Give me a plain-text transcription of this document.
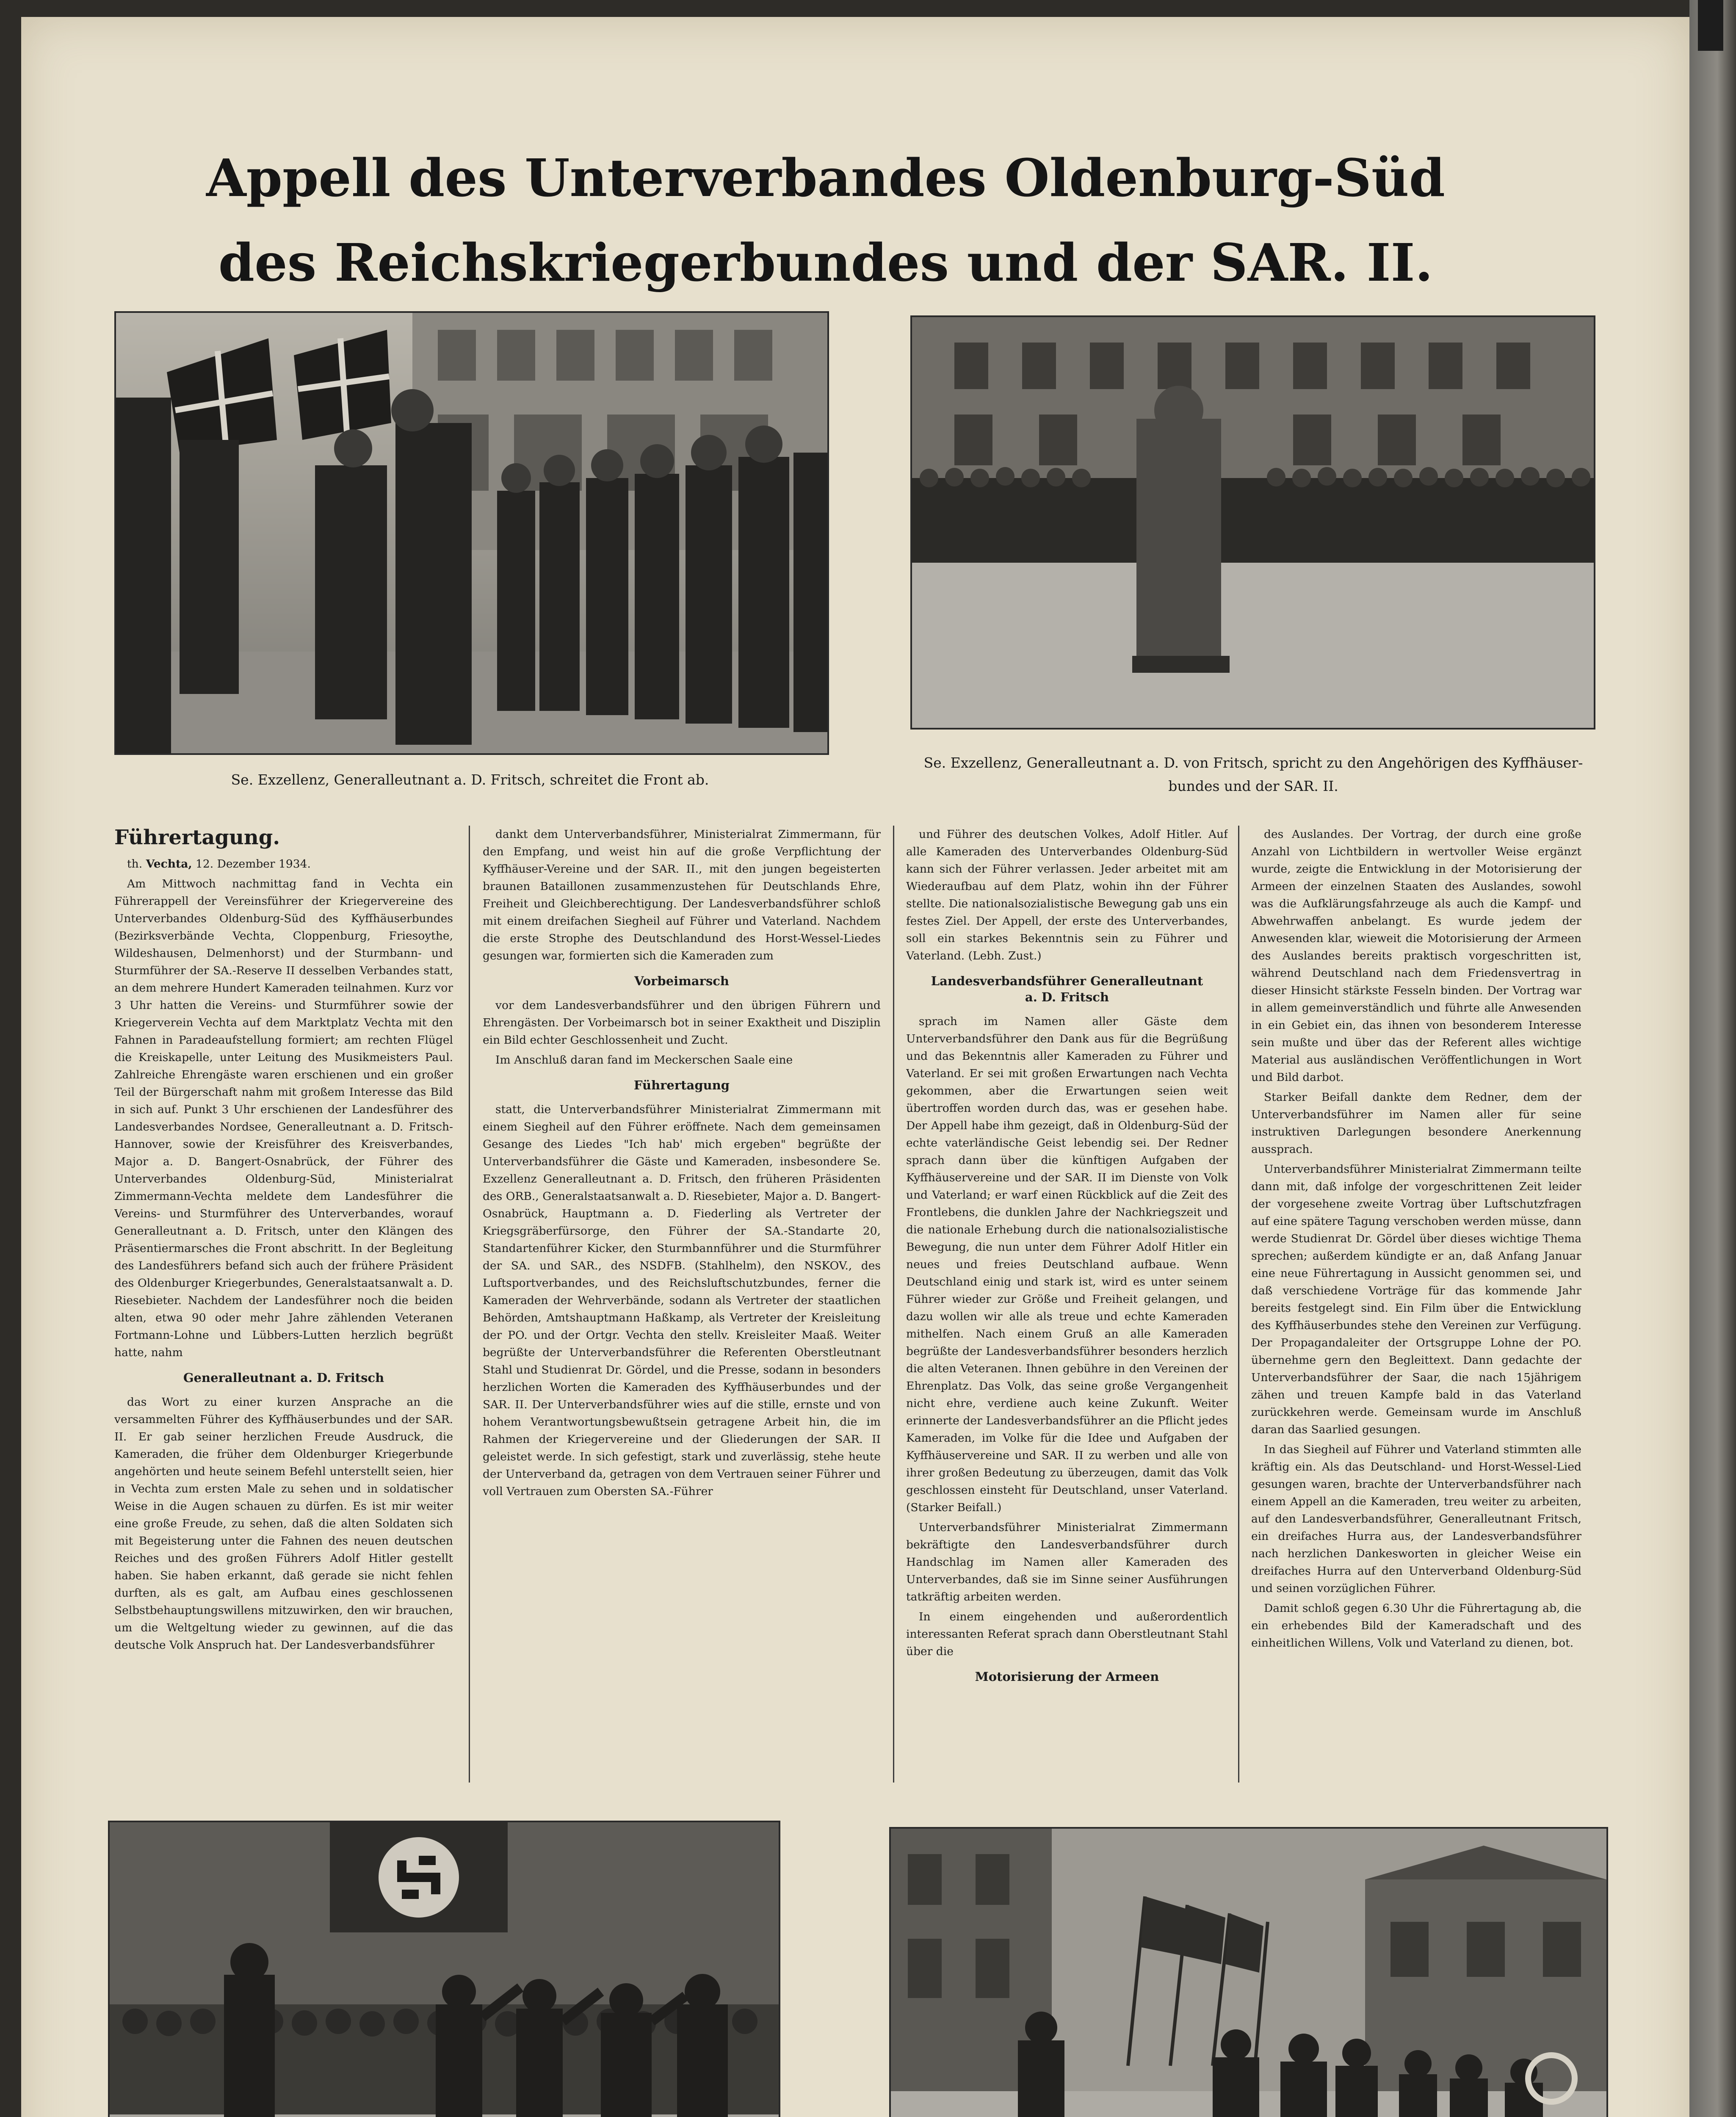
Appell des Unterverbandes Oldenburg-Süd
des Reichskriegerbundes und der SAR. II.

Se. Exzellenz, Generalleutnant a. D. Fritsch, schreitet die Front ab.

Se. Exzellenz, Generalleutnant a. D. von Fritsch, spricht zu den Angehörigen des Kyffhäuser-

bundes und der SAR. II.

Führertagung.

th. Vechta, 12. Dezember 1934.

Am Mittwoch nachmittag fand in Vechta ein Führerappell der Vereinsführer der Kriegervereine des Unterverbandes Oldenburg-Süd des Kyffhäuserbundes (Bezirksverbände Vechta, Cloppenburg, Friesoythe, Wildeshausen, Delmenhorst) und der Sturmbann- und Sturmführer der SA.-Reserve II desselben Verbandes statt, an dem mehrere Hundert Kameraden teilnahmen. Kurz vor 3 Uhr hatten die Vereins- und Sturmführer sowie der Kriegerverein Vechta auf dem Marktplatz Vechta mit den Fahnen in Paradeaufstellung formiert; am rechten Flügel die Kreiskapelle, unter Leitung des Musikmeisters Paul. Zahlreiche Ehrengäste waren erschienen und ein großer Teil der Bürgerschaft nahm mit großem Interesse das Bild in sich auf. Punkt 3 Uhr erschienen der Landesführer des Landesverbandes Nordsee, Generalleutnant a. D. Fritsch-Hannover, sowie der Kreisführer des Kreisverbandes, Major a. D. Bangert-Osnabrück, der Führer des Unterverbandes Oldenburg-Süd, Ministerialrat Zimmermann-Vechta meldete dem Landesführer die Vereins- und Sturmführer des Unterverbandes, worauf Generalleutnant a. D. Fritsch, unter den Klängen des Präsentiermarsches die Front abschritt. In der Begleitung des Landesführers befand sich auch der frühere Präsident des Oldenburger Kriegerbundes, Generalstaatsanwalt a. D. Riesebieter. Nachdem der Landesführer noch die beiden alten, etwa 90 oder mehr Jahre zählenden Veteranen Fortmann-Lohne und Lübbers-Lutten herzlich begrüßt hatte, nahm

Generalleutnant a. D. Fritsch

das Wort zu einer kurzen Ansprache an die versammelten Führer des Kyffhäuserbundes und der SAR. II. Er gab seiner herzlichen Freude Ausdruck, die Kameraden, die früher dem Oldenburger Kriegerbunde angehörten und heute seinem Befehl unterstellt seien, hier in Vechta zum ersten Male zu sehen und in soldatischer Weise in die Augen schauen zu dürfen. Es ist mir weiter eine große Freude, zu sehen, daß die alten Soldaten sich mit Begeisterung unter die Fahnen des neuen deutschen Reiches und des großen Führers Adolf Hitler gestellt haben. Sie haben erkannt, daß gerade sie nicht fehlen durften, als es galt, am Aufbau eines geschlossenen Selbstbehauptungswillens mitzuwirken, den wir brauchen, um die Weltgeltung wieder zu gewinnen, auf die das deutsche Volk Anspruch hat. Der Landesverbandsführer

dankt dem Unterverbandsführer, Ministerialrat Zimmermann, für den Empfang, und weist hin auf die große Verpflichtung der Kyffhäuser-Vereine und der SAR. II., mit den jungen begeisterten braunen Bataillonen zusammenzustehen für Deutschlands Ehre, Freiheit und Gleichberechtigung. Der Landesverbandsführer schloß mit einem dreifachen Siegheil auf Führer und Vaterland. Nachdem die erste Strophe des Deutschlandund des Horst-Wessel-Liedes gesungen war, formierten sich die Kameraden zum

Vorbeimarsch

vor dem Landesverbandsführer und den übrigen Führern und Ehrengästen. Der Vorbeimarsch bot in seiner Exaktheit und Disziplin ein Bild echter Geschlossenheit und Zucht.

Im Anschluß daran fand im Meckerschen Saale eine

Führertagung

statt, die Unterverbandsführer Ministerialrat Zimmermann mit einem Siegheil auf den Führer eröffnete. Nach dem gemeinsamen Gesange des Liedes "Ich hab' mich ergeben" begrüßte der Unterverbandsführer die Gäste und Kameraden, insbesondere Se. Exzellenz Generalleutnant a. D. Fritsch, den früheren Präsidenten des ORB., Generalstaatsanwalt a. D. Riesebieter, Major a. D. Bangert-Osnabrück, Hauptmann a. D. Fiederling als Vertreter der Kriegsgräberfürsorge, den Führer der SA.-Standarte 20, Standartenführer Kicker, den Sturmbannführer und die Sturmführer der SA. und SAR., des NSDFB. (Stahlhelm), den NSKOV., des Luftsportverbandes, und des Reichsluftschutzbundes, ferner die Kameraden der Wehrverbände, sodann als Vertreter der staatlichen Behörden, Amtshauptmann Haßkamp, als Vertreter der Kreisleitung der PO. und der Ortgr. Vechta den stellv. Kreisleiter Maaß. Weiter begrüßte der Unterverbandsführer die Referenten Oberstleutnant Stahl und Studienrat Dr. Gördel, und die Presse, sodann in besonders herzlichen Worten die Kameraden des Kyffhäuserbundes und der SAR. II. Der Unterverbandsführer wies auf die stille, ernste und von hohem Verantwortungsbewußtsein getragene Arbeit hin, die im Rahmen der Kriegervereine und der Gliederungen der SAR. II geleistet werde. In sich gefestigt, stark und zuverlässig, stehe heute der Unterverband da, getragen von dem Vertrauen seiner Führer und voll Vertrauen zum Obersten SA.-Führer

und Führer des deutschen Volkes, Adolf Hitler. Auf alle Kameraden des Unterverbandes Oldenburg-Süd kann sich der Führer verlassen. Jeder arbeitet mit am Wiederaufbau auf dem Platz, wohin ihn der Führer stellte. Die nationalsozialistische Bewegung gab uns ein festes Ziel. Der Appell, der erste des Unterverbandes, soll ein starkes Bekenntnis sein zu Führer und Vaterland. (Lebh. Zust.)

Landesverbandsführer Generalleutnant
a. D. Fritsch

sprach im Namen aller Gäste dem Unterverbandsführer den Dank aus für die Begrüßung und das Bekenntnis aller Kameraden zu Führer und Vaterland. Er sei mit großen Erwartungen nach Vechta gekommen, aber die Erwartungen seien weit übertroffen worden durch das, was er gesehen habe. Der Appell habe ihm gezeigt, daß in Oldenburg-Süd der echte vaterländische Geist lebendig sei. Der Redner sprach dann über die künftigen Aufgaben der Kyffhäuservereine und der SAR. II im Dienste von Volk und Vaterland; er warf einen Rückblick auf die Zeit des Frontlebens, die dunklen Jahre der Nachkriegszeit und die nationale Erhebung durch die nationalsozialistische Bewegung, die nun unter dem Führer Adolf Hitler ein neues und freies Deutschland aufbaue. Wenn Deutschland einig und stark ist, wird es unter seinem Führer wieder zur Größe und Freiheit gelangen, und dazu wollen wir alle als treue und echte Kameraden mithelfen. Nach einem Gruß an alle Kameraden begrüßte der Landesverbandsführer besonders herzlich die alten Veteranen. Ihnen gebühre in den Vereinen der Ehrenplatz. Das Volk, das seine große Vergangenheit nicht ehre, verdiene auch keine Zukunft. Weiter erinnerte der Landesverbandsführer an die Pflicht jedes Kameraden, im Volke für die Idee und Aufgaben der Kyffhäuservereine und SAR. II zu werben und alle von ihrer großen Bedeutung zu überzeugen, damit das Volk geschlossen einsteht für Deutschland, unser Vaterland. (Starker Beifall.)

Unterverbandsführer Ministerialrat Zimmermann bekräftigte den Landesverbandsführer durch Handschlag im Namen aller Kameraden des Unterverbandes, daß sie im Sinne seiner Ausführungen tatkräftig arbeiten werden.

In einem eingehenden und außerordentlich interessanten Referat sprach dann Oberstleutnant Stahl über die

Motorisierung der Armeen

des Auslandes. Der Vortrag, der durch eine große Anzahl von Lichtbildern in wertvoller Weise ergänzt wurde, zeigte die Entwicklung in der Motorisierung der Armeen der einzelnen Staaten des Auslandes, sowohl was die Aufklärungsfahrzeuge als auch die Kampf- und Abwehrwaffen anbelangt. Es wurde jedem der Anwesenden klar, wieweit die Motorisierung der Armeen des Auslandes bereits praktisch vorgeschritten ist, während Deutschland nach dem Friedensvertrag in dieser Hinsicht stärkste Fesseln binden. Der Vortrag war in allem gemeinverständlich und führte alle Anwesenden in ein Gebiet ein, das ihnen von besonderem Interesse sein mußte und über das der Referent alles wichtige Material aus ausländischen Veröffentlichungen in Wort und Bild darbot.

Starker Beifall dankte dem Redner, dem der Unterverbandsführer im Namen aller für seine instruktiven Darlegungen besondere Anerkennung aussprach.

Unterverbandsführer Ministerialrat Zimmermann teilte dann mit, daß infolge der vorgeschrittenen Zeit leider der vorgesehene zweite Vortrag über Luftschutzfragen auf eine spätere Tagung verschoben werden müsse, dann werde Studienrat Dr. Gördel über dieses wichtige Thema sprechen; außerdem kündigte er an, daß Anfang Januar eine neue Führertagung in Aussicht genommen sei, und daß verschiedene Vorträge für das kommende Jahr bereits festgelegt sind. Ein Film über die Entwicklung des Kyffhäuserbundes stehe den Vereinen zur Verfügung. Der Propagandaleiter der Ortsgruppe Lohne der PO. übernehme gern den Begleittext. Dann gedachte der Unterverbandsführer der Saar, die nach 15jährigem zähen und treuen Kampfe bald in das Vaterland zurückkehren werde. Gemeinsam wurde im Anschluß daran das Saarlied gesungen.

In das Siegheil auf Führer und Vaterland stimmten alle kräftig ein. Als das Deutschland- und Horst-Wessel-Lied gesungen waren, brachte der Unterverbandsführer nach einem Appell an die Kameraden, treu weiter zu arbeiten, auf den Landesverbandsführer, Generalleutnant Fritsch, ein dreifaches Hurra aus, der Landesverbandsführer nach herzlichen Dankesworten in gleicher Weise ein dreifaches Hurra auf den Unterverband Oldenburg-Süd und seinen vorzüglichen Führer.

Damit schloß gegen 6.30 Uhr die Führertagung ab, die ein erhebendes Bild der Kameradschaft und des einheitlichen Willens, Volk und Vaterland zu dienen, bot.
